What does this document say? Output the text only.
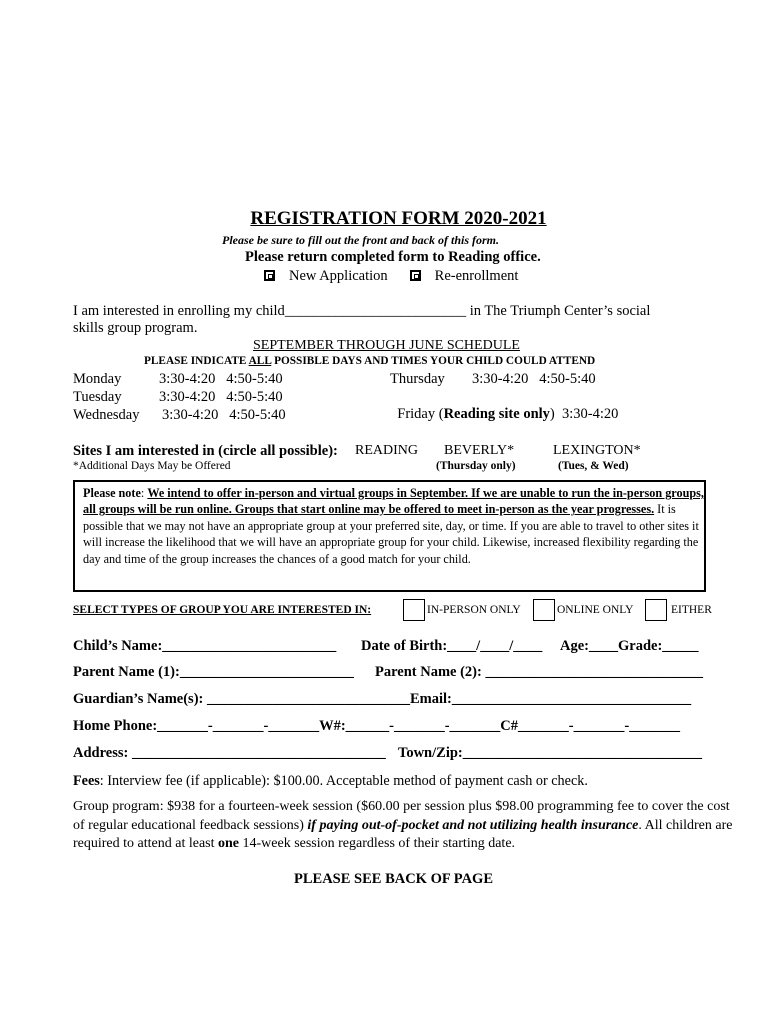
REGISTRATION FORM 2020-2021
Please be sure to fill out the front and back of this form.
Please return completed form to Reading office.
New Application	Re-enrollment
I am interested in enrolling my child_________________________ in The Triumph Center’s social
skills group program.
SEPTEMBER THROUGH JUNE SCHEDULE
PLEASE INDICATE ALL POSSIBLE DAYS AND TIMES YOUR CHILD COULD ATTEND
Monday	3:30-4:20   4:50-5:40
Tuesday	3:30-4:20   4:50-5:40
Wednesday 3:30-4:20   4:50-5:40
Thursday 3:30-4:20   4:50-5:40

Friday (Reading site only)  3:30-4:20

Sites I am interested in (circle all possible): READING BEVERLY*	LEXINGTON*
*Additional Days May be Offered	(Thursday only)	(Tues, & Wed)
Please note: We intend to offer in-person and virtual groups in September. If we are unable to run the in-person groups, all groups will be run online. Groups that start online may be offered to meet in-person as the year progresses. It is possible that we may not have an appropriate group at your preferred site, day, or time. If you are able to travel to other sites it will increase the likelihood that we will have an appropriate group for your child. Likewise, increased flexibility regarding the day and time of the group increases the chances of a good match for your child.
SELECT TYPES OF GROUP YOU ARE INTERESTED IN:	IN-PERSON ONLY	ONLINE ONLY	EITHER
Child’s Name:________________________ Date of Birth:____/____/____ Age:____Grade:_____
Parent Name (1):________________________ Parent Name (2): ______________________________
Guardian’s Name(s): ____________________________Email:_________________________________
Home Phone:_______-_______-_______W#:______-_______-_______C#_______-_______-_______
Address: ___________________________________ Town/Zip:_________________________________
Fees: Interview fee (if applicable): $100.00. Acceptable method of payment cash or check.
Group program: $938 for a fourteen-week session ($60.00 per session plus $98.00 programming fee to cover the cost of regular educational feedback sessions) if paying out-of-pocket and not utilizing health insurance. All children are required to attend at least one 14-week session regardless of their starting date.
PLEASE SEE BACK OF PAGE
